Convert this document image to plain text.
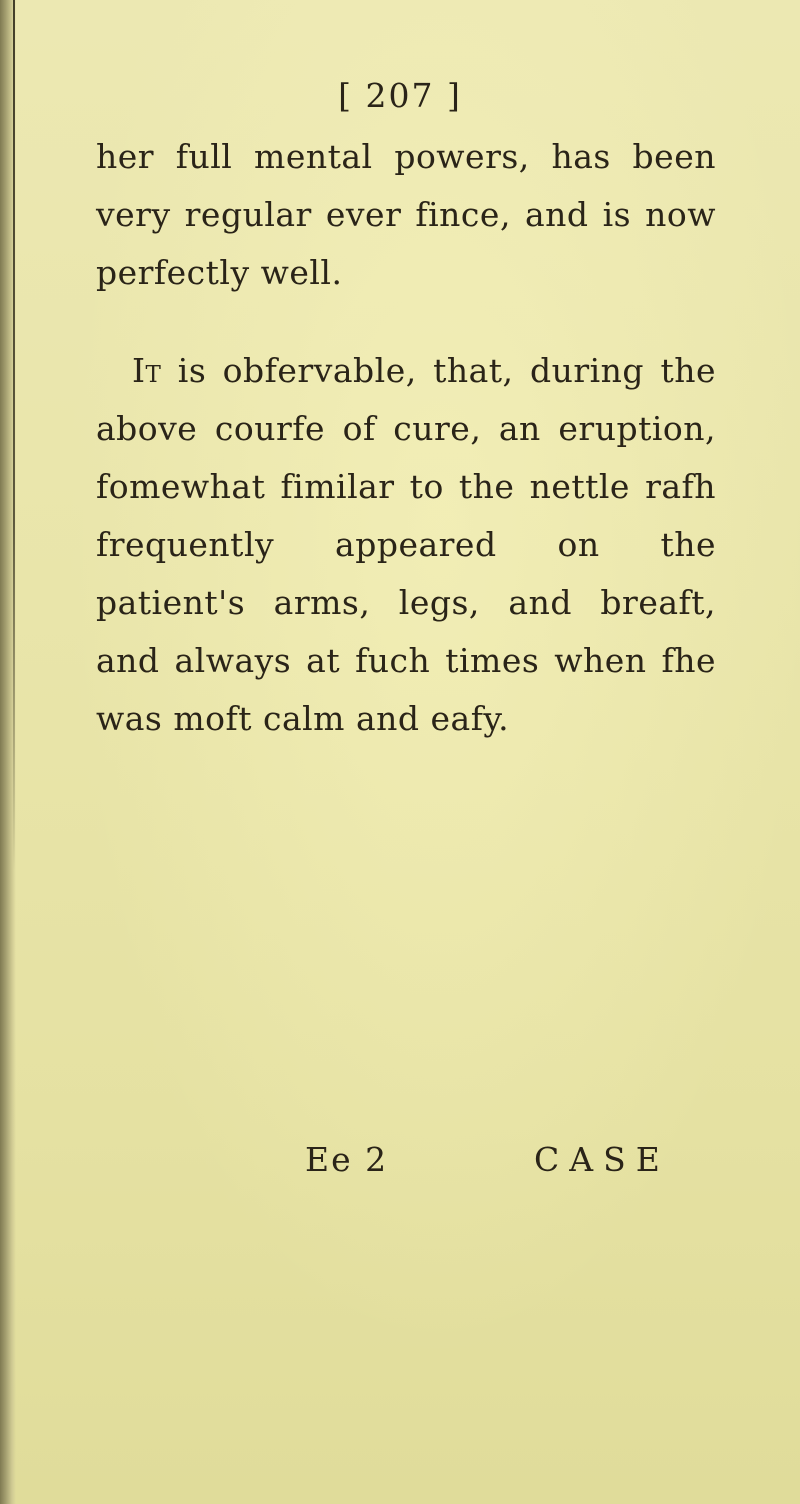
[ 207 ]

her full mental powers, has been very regular ever fince, and is now perfectly well.

It is obfervable, that, during the above courfe of cure, an eruption, fomewhat fimilar to the nettle rafh frequently appeared on the patient's arms, legs, and breaft, and always at fuch times when fhe was moft calm and eafy.

Ee 2	CASE
